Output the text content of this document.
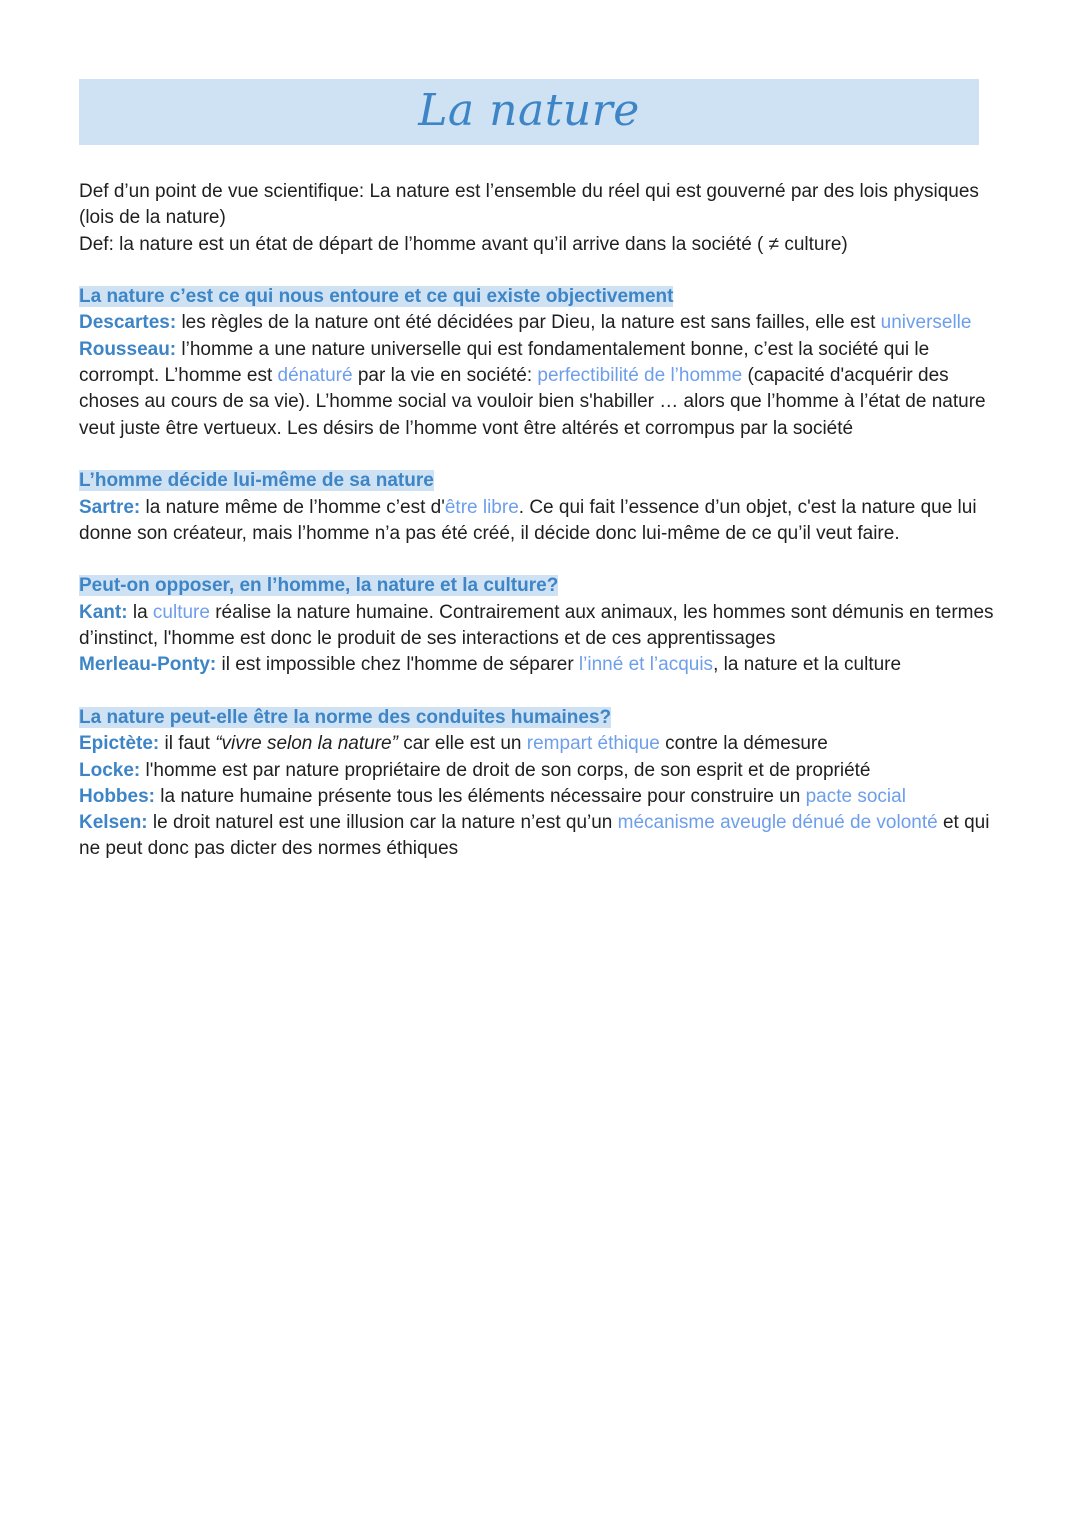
La nature

Def d’un point de vue scientifique: La nature est l’ensemble du réel qui est gouverné par des lois physiques (lois de la nature)

Def: la nature est un état de départ de l’homme avant qu’il arrive dans la société ( ≠ culture)

La nature c’est ce qui nous entoure et ce qui existe objectivement

Descartes: les règles de la nature ont été décidées par Dieu, la nature est sans failles, elle est universelle

Rousseau: l’homme a une nature universelle qui est fondamentalement bonne, c’est la société qui le corrompt. L’homme est dénaturé par la vie en société: perfectibilité de l’homme (capacité d'acquérir des choses au cours de sa vie). L’homme social va vouloir bien s'habiller … alors que l’homme à l’état de nature veut juste être vertueux. Les désirs de l’homme vont être altérés et corrompus par la société

L’homme décide lui-même de sa nature

Sartre: la nature même de l’homme c’est d'être libre. Ce qui fait l’essence d’un objet, c'est la nature que lui donne son créateur, mais l’homme n’a pas été créé, il décide donc lui-même de ce qu’il veut faire.

Peut-on opposer, en l’homme, la nature et la culture?

Kant: la culture réalise la nature humaine. Contrairement aux animaux, les hommes sont démunis en termes d’instinct, l'homme est donc le produit de ses interactions et de ces apprentissages

Merleau-Ponty: il est impossible chez l'homme de séparer l’inné et l’acquis, la nature et la culture

La nature peut-elle être la norme des conduites humaines?

Epictète: il faut “vivre selon la nature” car elle est un rempart éthique contre la démesure

Locke: l'homme est par nature propriétaire de droit de son corps, de son esprit et de propriété

Hobbes: la nature humaine présente tous les éléments nécessaire pour construire un pacte social

Kelsen: le droit naturel est une illusion car la nature n’est qu’un mécanisme aveugle dénué de volonté et qui ne peut donc pas dicter des normes éthiques
